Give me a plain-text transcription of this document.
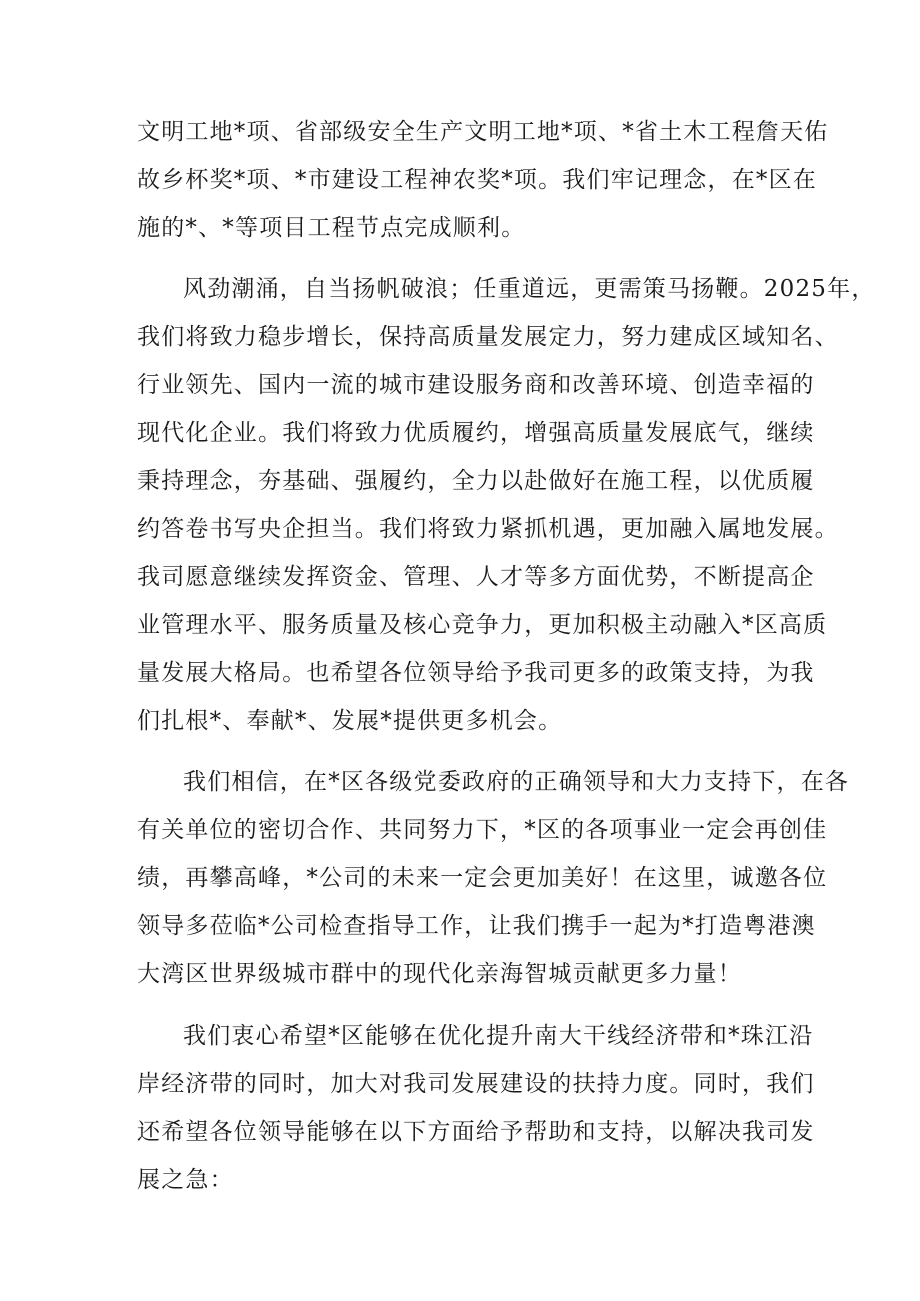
文明工地*项、省部级安全生产文明工地*项、*省土木工程詹天佑
故乡杯奖*项、*市建设工程神农奖*项。我们牢记理念，在*区在
施的*、*等项目工程节点完成顺利。
风劲潮涌，自当扬帆破浪；任重道远，更需策马扬鞭。2025年，
我们将致力稳步增长，保持高质量发展定力，努力建成区域知名、
行业领先、国内一流的城市建设服务商和改善环境、创造幸福的
现代化企业。我们将致力优质履约，增强高质量发展底气，继续
秉持理念，夯基础、强履约，全力以赴做好在施工程，以优质履
约答卷书写央企担当。我们将致力紧抓机遇，更加融入属地发展。
我司愿意继续发挥资金、管理、人才等多方面优势，不断提高企
业管理水平、服务质量及核心竞争力，更加积极主动融入*区高质
量发展大格局。也希望各位领导给予我司更多的政策支持，为我
们扎根*、奉献*、发展*提供更多机会。
我们相信，在*区各级党委政府的正确领导和大力支持下，在各
有关单位的密切合作、共同努力下，*区的各项事业一定会再创佳
绩，再攀高峰，*公司的未来一定会更加美好！在这里，诚邀各位
领导多莅临*公司检查指导工作，让我们携手一起为*打造粤港澳
大湾区世界级城市群中的现代化亲海智城贡献更多力量！
我们衷心希望*区能够在优化提升南大干线经济带和*珠江沿
岸经济带的同时，加大对我司发展建设的扶持力度。同时，我们
还希望各位领导能够在以下方面给予帮助和支持，以解决我司发
展之急：
